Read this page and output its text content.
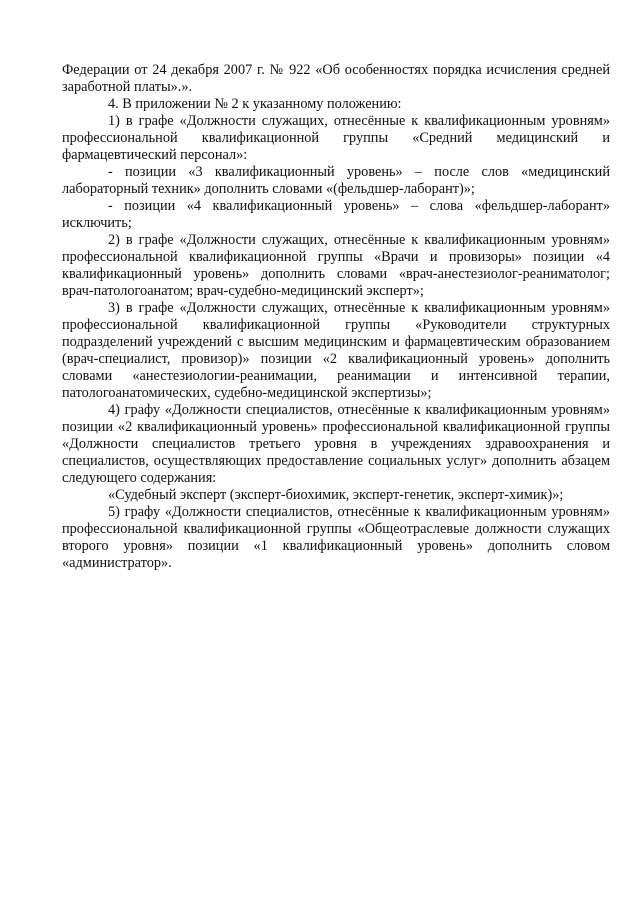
Федерации от 24 декабря 2007 г. № 922 «Об особенностях порядка исчисления средней заработной платы».».

4. В приложении № 2 к указанному положению:

1) в графе «Должности служащих, отнесённые к квалификационным уровням» профессиональной квалификационной группы «Средний медицинский и фармацевтический персонал»:

- позиции «3 квалификационный уровень» – после слов «медицинский лабораторный техник» дополнить словами «(фельдшер-лаборант)»;

- позиции «4 квалификационный уровень» – слова «фельдшер-лаборант» исключить;

2) в графе «Должности служащих, отнесённые к квалификационным уровням» профессиональной квалификационной группы «Врачи и провизоры» позиции «4 квалификационный уровень» дополнить словами «врач-анестезиолог-реаниматолог; врач-патологоанатом; врач-судебно-медицинский эксперт»;

3) в графе «Должности служащих, отнесённые к квалификационным уровням» профессиональной квалификационной группы «Руководители структурных подразделений учреждений с высшим медицинским и фармацевтическим образованием (врач-специалист, провизор)» позиции «2 квалификационный уровень» дополнить словами «анестезиологии-реанимации, реанимации и интенсивной терапии, патологоанатомических, судебно-медицинской экспертизы»;

4) графу «Должности специалистов, отнесённые к квалификационным уровням» позиции «2 квалификационный уровень» профессиональной квалификационной группы «Должности специалистов третьего уровня в учреждениях здравоохранения и специалистов, осуществляющих предоставление социальных услуг» дополнить абзацем следующего содержания:

«Судебный эксперт (эксперт-биохимик, эксперт-генетик, эксперт-химик)»;

5) графу «Должности специалистов, отнесённые к квалификационным уровням» профессиональной квалификационной группы «Общеотраслевые должности служащих второго уровня» позиции «1 квалификационный уровень» дополнить словом «администратор».
